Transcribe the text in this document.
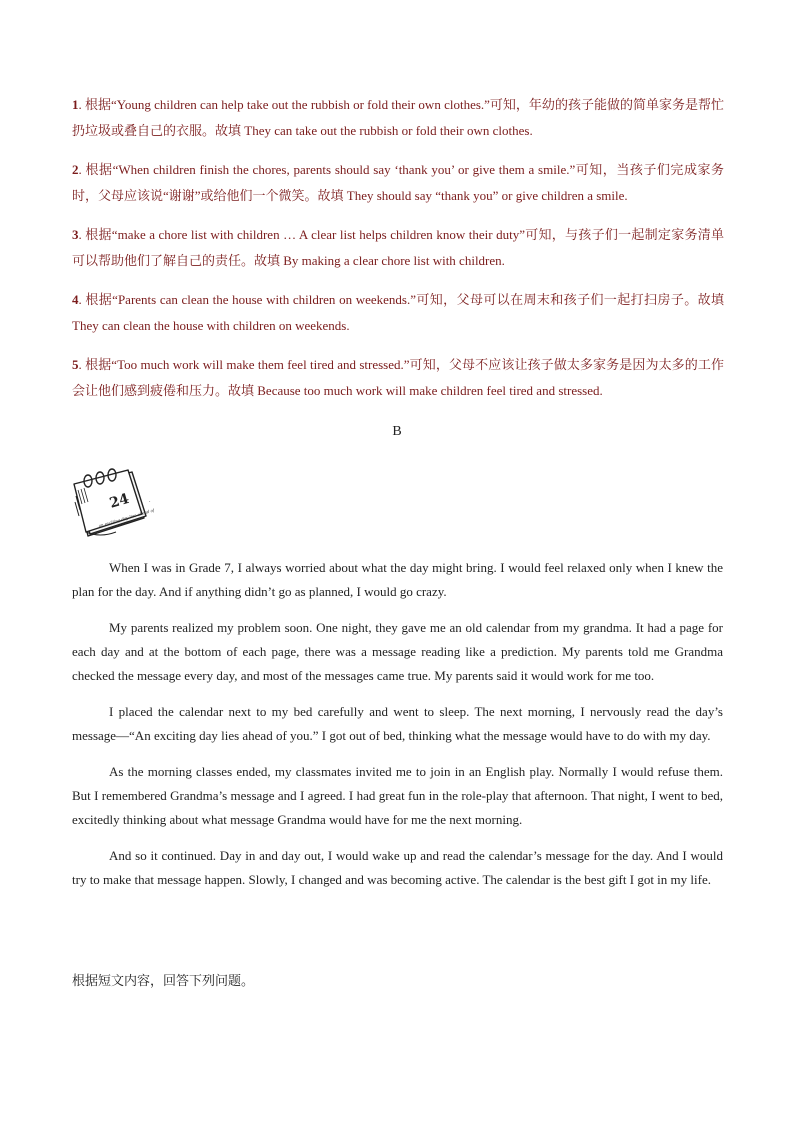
1. 根据“Young children can help take out the rubbish or fold their own clothes.”可知，年幼的孩子能做的简单家务是帮忙扔垃圾或叠自己的衣服。故填 They can take out the rubbish or fold their own clothes.

2. 根据“When children finish the chores, parents should say ‘thank you’ or give them a smile.”可知，当孩子们完成家务时，父母应该说“谢谢”或给他们一个微笑。故填 They should say “thank you” or give children a smile.

3. 根据“make a chore list with children … A clear list helps children know their duty”可知，与孩子们一起制定家务清单可以帮助他们了解自己的责任。故填 By making a clear chore list with children.

4. 根据“Parents can clean the house with children on weekends.”可知，父母可以在周末和孩子们一起打扫房子。故填 They can clean the house with children on weekends.

5. 根据“Too much work will make them feel tired and stressed.”可知，父母不应该让孩子做太多家务是因为太多的工作会让他们感到疲倦和压力。故填 Because too much work will make children feel tired and stressed.

B
24
an exciting day lies ahead of
.

When I was in Grade 7, I always worried about what the day might bring. I would feel relaxed only when I knew the plan for the day. And if anything didn’t go as planned, I would go crazy.

My parents realized my problem soon. One night, they gave me an old calendar from my grandma. It had a page for each day and at the bottom of each page, there was a message reading like a prediction. My parents told me Grandma checked the message every day, and most of the messages came true. My parents said it would work for me too.

I placed the calendar next to my bed carefully and went to sleep. The next morning, I nervously read the day’s message—“An exciting day lies ahead of you.” I got out of bed, thinking what the message would have to do with my day.

As the morning classes ended, my classmates invited me to join in an English play. Normally I would refuse them. But I remembered Grandma’s message and I agreed. I had great fun in the role-play that afternoon. That night, I went to bed, excitedly thinking about what message Grandma would have for me the next morning.

And so it continued. Day in and day out, I would wake up and read the calendar’s message for the day. And I would try to make that message happen. Slowly, I changed and was becoming active. The calendar is the best gift I got in my life.

根据短文内容，回答下列问题。
